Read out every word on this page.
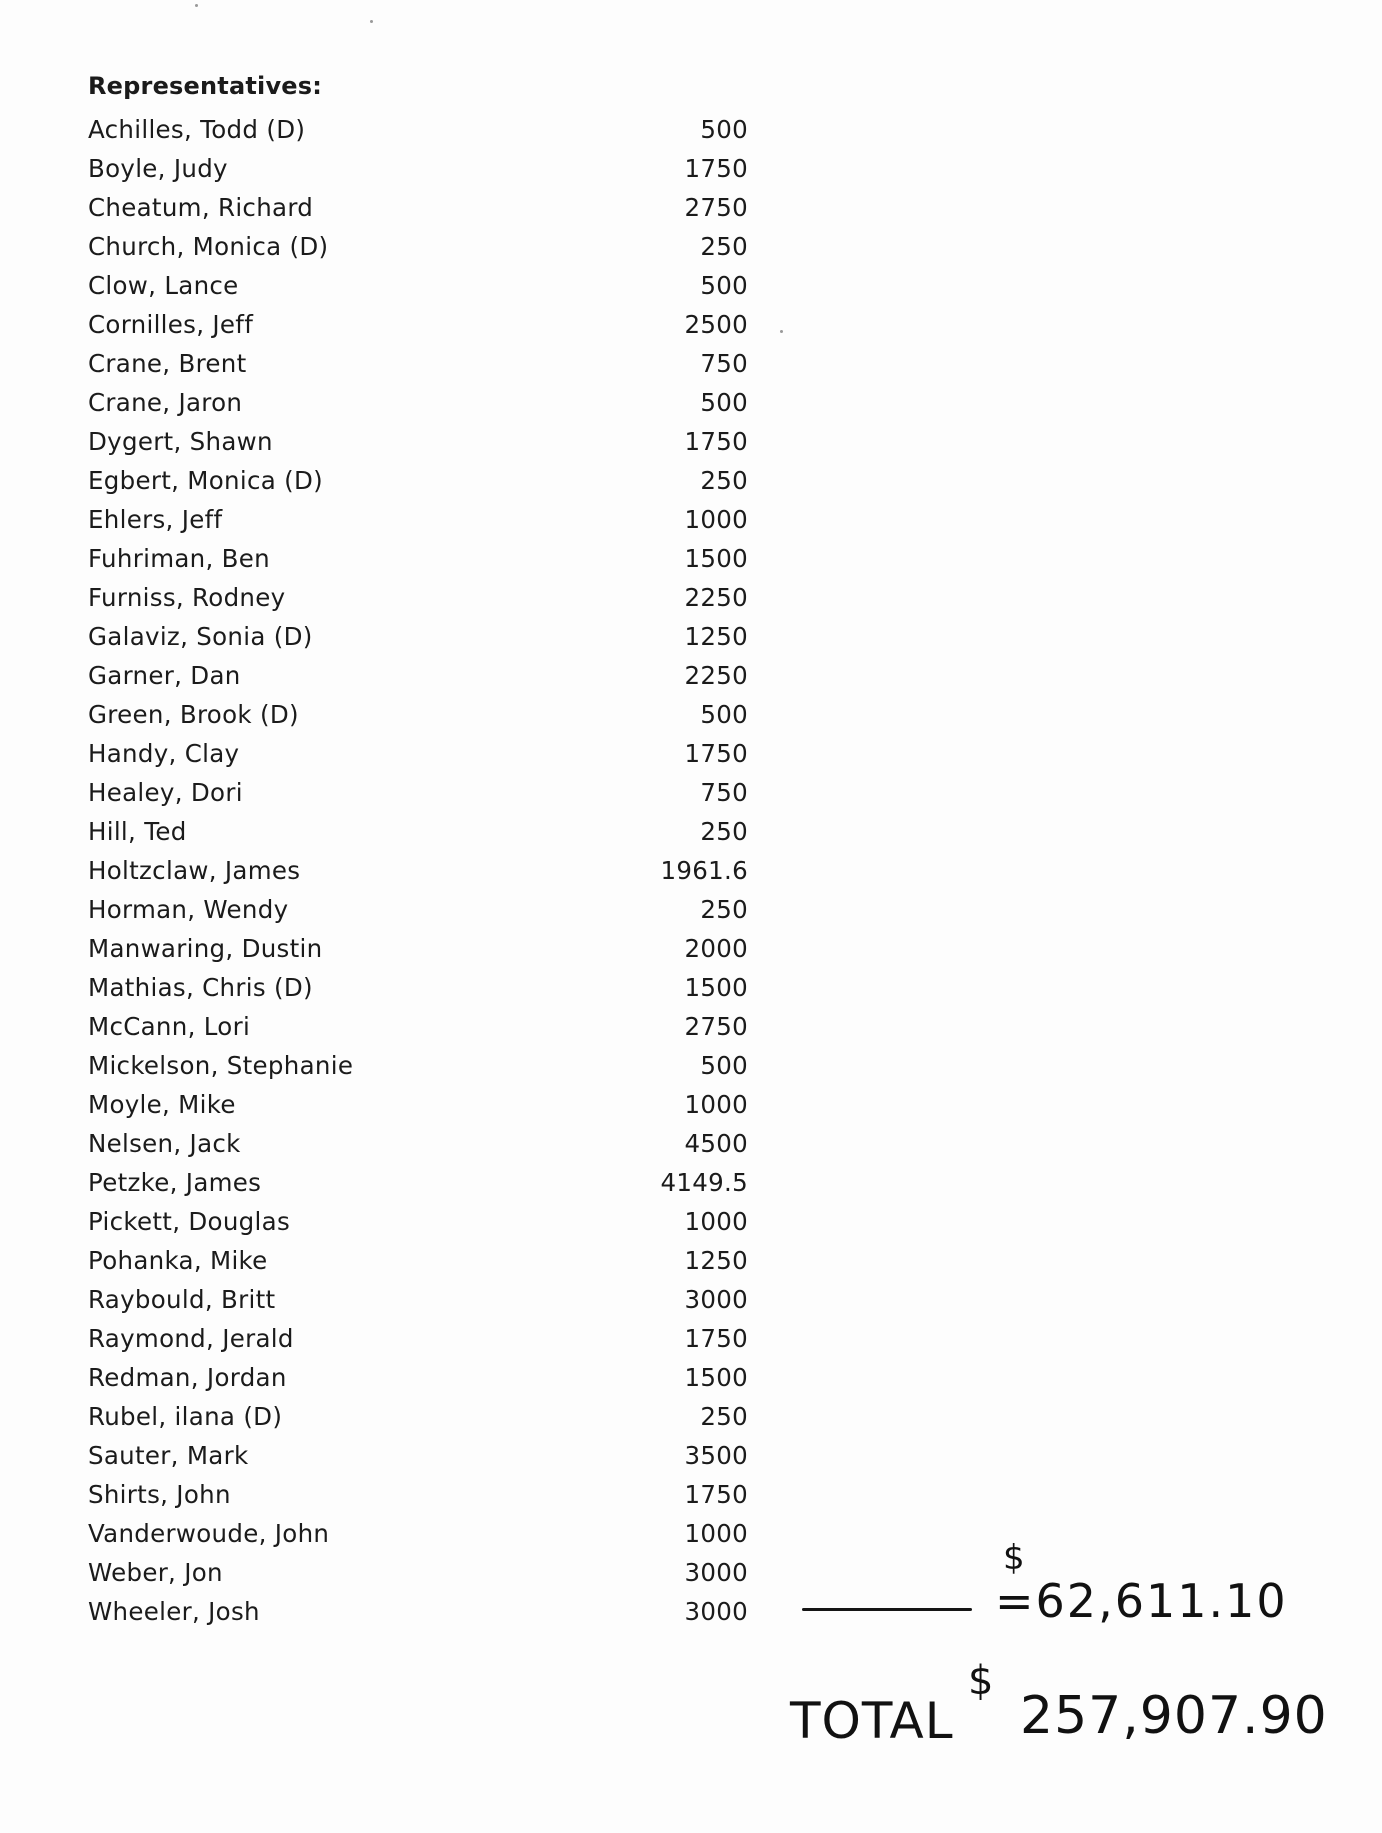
Representatives:
Achilles, Todd (D)	500
Boyle, Judy	1750
Cheatum, Richard	2750
Church, Monica (D)	250
Clow, Lance	500
Cornilles, Jeff	2500
Crane, Brent	750
Crane, Jaron	500
Dygert, Shawn	1750
Egbert, Monica (D)	250
Ehlers, Jeff	1000
Fuhriman, Ben	1500
Furniss, Rodney	2250
Galaviz, Sonia (D)	1250
Garner, Dan	2250
Green, Brook (D)	500
Handy, Clay	1750
Healey, Dori	750
Hill, Ted	250
Holtzclaw, James	1961.6
Horman, Wendy	250
Manwaring, Dustin	2000
Mathias, Chris (D)	1500
McCann, Lori	2750
Mickelson, Stephanie	500
Moyle, Mike	1000
Nelsen, Jack	4500
Petzke, James	4149.5
Pickett, Douglas	1000
Pohanka, Mike	1250
Raybould, Britt	3000
Raymond, Jerald	1750
Redman, Jordan	1500
Rubel, ilana (D)	250
Sauter, Mark	3500
Shirts, John	1750
Vanderwoude, John	1000
Weber, Jon	3000
Wheeler, Josh	3000
$
=62,611.10
TOTAL
$
257,907.90
